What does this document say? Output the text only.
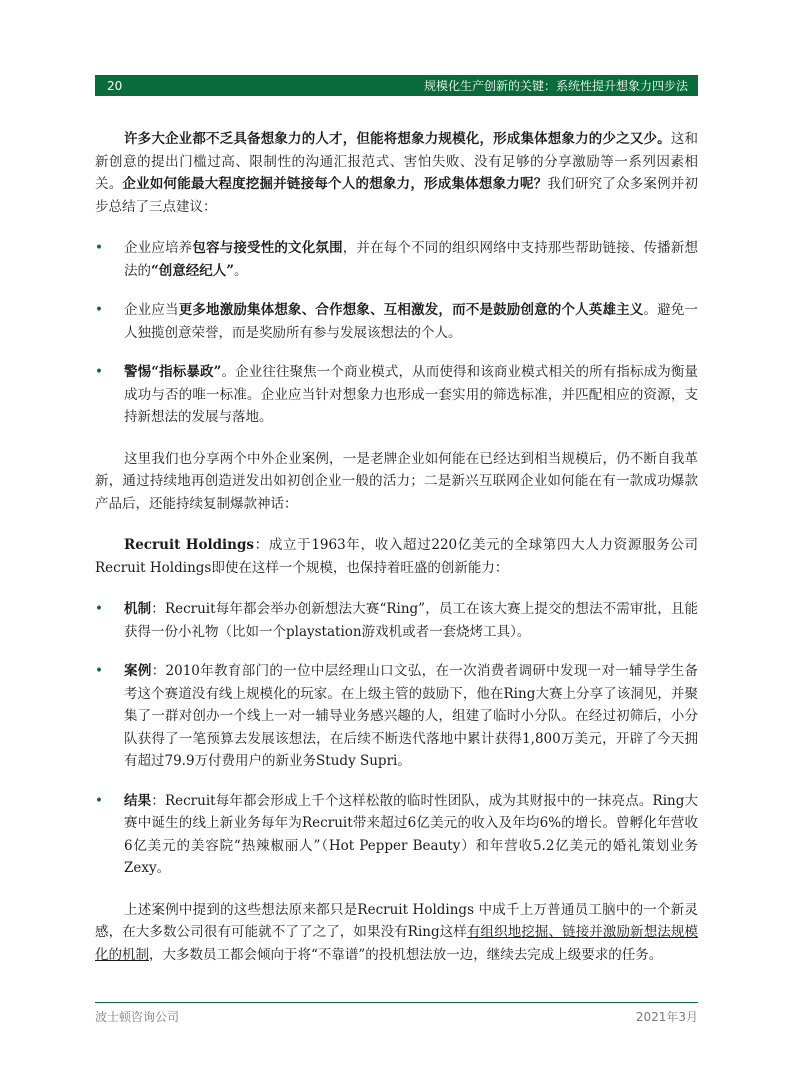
20	规模化生产创新的关键：系统性提升想象力四步法

许多大企业都不乏具备想象力的人才，但能将想象力规模化，形成集体想象力的少之又少。这和新创意的提出门槛过高、限制性的沟通汇报范式、害怕失败、没有足够的分享激励等一系列因素相关。企业如何能最大程度挖掘并链接每个人的想象力，形成集体想象力呢？我们研究了众多案例并初步总结了三点建议：

• 企业应培养包容与接受性的文化氛围，并在每个不同的组织网络中支持那些帮助链接、传播新想法的“创意经纪人”。
• 企业应当更多地激励集体想象、合作想象、互相激发，而不是鼓励创意的个人英雄主义。避免一人独揽创意荣誉，而是奖励所有参与发展该想法的个人。
• 警惕“指标暴政”。企业往往聚焦一个商业模式，从而使得和该商业模式相关的所有指标成为衡量成功与否的唯一标准。企业应当针对想象力也形成一套实用的筛选标准，并匹配相应的资源，支持新想法的发展与落地。

这里我们也分享两个中外企业案例，一是老牌企业如何能在已经达到相当规模后，仍不断自我革新，通过持续地再创造迸发出如初创企业一般的活力；二是新兴互联网企业如何能在有一款成功爆款产品后，还能持续复制爆款神话：

Recruit Holdings：成立于1963年，收入超过220亿美元的全球第四大人力资源服务公司Recruit Holdings即使在这样一个规模，也保持着旺盛的创新能力：

• 机制：Recruit每年都会举办创新想法大赛“Ring”，员工在该大赛上提交的想法不需审批，且能获得一份小礼物（比如一个playstation游戏机或者一套烧烤工具）。
• 案例：2010年教育部门的一位中层经理山口文弘，在一次消费者调研中发现一对一辅导学生备考这个赛道没有线上规模化的玩家。在上级主管的鼓励下，他在Ring大赛上分享了该洞见，并聚集了一群对创办一个线上一对一辅导业务感兴趣的人，组建了临时小分队。在经过初筛后，小分队获得了一笔预算去发展该想法，在后续不断迭代落地中累计获得1,800万美元，开辟了今天拥有超过79.9万付费用户的新业务Study Supri。
• 结果：Recruit每年都会形成上千个这样松散的临时性团队，成为其财报中的一抹亮点。Ring大赛中诞生的线上新业务每年为Recruit带来超过6亿美元的收入及年均6%的增长。曾孵化年营收6亿美元的美容院“热辣椒丽人”（Hot Pepper Beauty）和年营收5.2亿美元的婚礼策划业务Zexy。

上述案例中提到的这些想法原来都只是Recruit Holdings 中成千上万普通员工脑中的一个新灵感，在大多数公司很有可能就不了了之了，如果没有Ring这样有组织地挖掘、链接并激励新想法规模化的机制，大多数员工都会倾向于将“不靠谱”的投机想法放一边，继续去完成上级要求的任务。

波士顿咨询公司	2021年3月
